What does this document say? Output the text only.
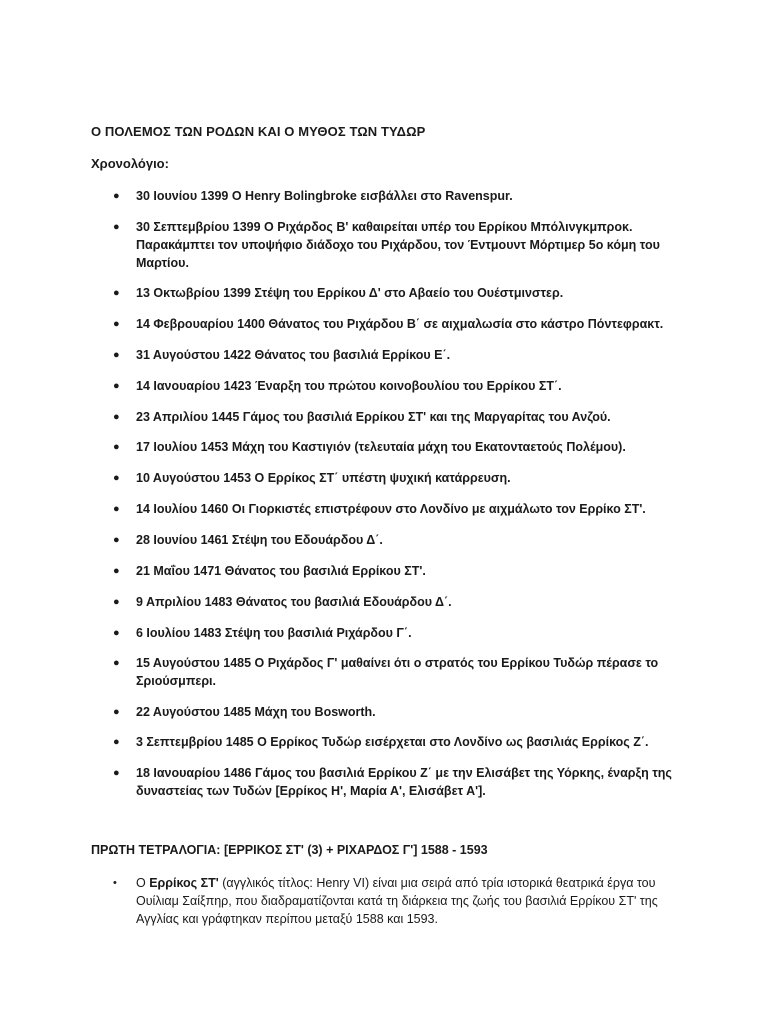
Ο ΠΟΛΕΜΟΣ ΤΩΝ ΡΟΔΩΝ ΚΑΙ Ο ΜΥΘΟΣ ΤΩΝ ΤΥΔΩΡ
Χρονολόγιο:
● 30 Ιουνίου 1399 Ο Henry Bolingbroke εισβάλλει στο Ravenspur.
● 30 Σεπτεμβρίου 1399 Ο Ριχάρδος Β' καθαιρείται υπέρ του Ερρίκου Μπόλινγκμπροκ.
Παρακάμπτει τον υποψήφιο διάδοχο του Ριχάρδου, τον Έντμουντ Μόρτιμερ 5ο κόμη του
Μαρτίου.
● 13 Οκτωβρίου 1399 Στέψη του Ερρίκου Δ' στο Αβαείο του Ουέστμινστερ.
● 14 Φεβρουαρίου 1400 Θάνατος του Ριχάρδου Β΄ σε αιχμαλωσία στο κάστρο Πόντεφρακτ.
● 31 Αυγούστου 1422 Θάνατος του βασιλιά Ερρίκου Ε΄.
● 14 Ιανουαρίου 1423 Έναρξη του πρώτου κοινοβουλίου του Ερρίκου ΣΤ΄.
● 23 Απριλίου 1445 Γάμος του βασιλιά Ερρίκου ΣΤ' και της Μαργαρίτας του Ανζού.
● 17 Ιουλίου 1453 Μάχη του Καστιγιόν (τελευταία μάχη του Εκατονταετούς Πολέμου).
● 10 Αυγούστου 1453 Ο Ερρίκος ΣΤ΄ υπέστη ψυχική κατάρρευση.
● 14 Ιουλίου 1460 Οι Γιορκιστές επιστρέφουν στο Λονδίνο με αιχμάλωτο τον Ερρίκο ΣΤ'.
● 28 Ιουνίου 1461 Στέψη του Εδουάρδου Δ΄.
● 21 Μαΐου 1471 Θάνατος του βασιλιά Ερρίκου ΣΤ'.
● 9 Απριλίου 1483 Θάνατος του βασιλιά Εδουάρδου Δ΄.
● 6 Ιουλίου 1483 Στέψη του βασιλιά Ριχάρδου Γ΄.
● 15 Αυγούστου 1485 Ο Ριχάρδος Γ' μαθαίνει ότι ο στρατός του Ερρίκου Τυδώρ πέρασε το
Σριούσμπερι.
● 22 Αυγούστου 1485 Μάχη του Bosworth.
● 3 Σεπτεμβρίου 1485 Ο Ερρίκος Τυδώρ εισέρχεται στο Λονδίνο ως βασιλιάς Ερρίκος Ζ΄.
● 18 Ιανουαρίου 1486 Γάμος του βασιλιά Ερρίκου Ζ΄ με την Ελισάβετ της Υόρκης, έναρξη της
δυναστείας των Τυδών [Ερρίκος Η', Μαρία Α', Ελισάβετ Α'].
ΠΡΩΤΗ ΤΕΤΡΑΛΟΓΙΑ: [ΕΡΡΙΚΟΣ ΣΤ' (3) + ΡΙΧΑΡΔΟΣ Γ'] 1588 - 1593
• Ο Ερρίκος ΣΤ' (αγγλικός τίτλος: Henry VI) είναι μια σειρά από τρία ιστορικά θεατρικά έργα του Ουίλιαμ Σαίξπηρ, που διαδραματίζονται κατά τη διάρκεια της ζωής του βασιλιά Ερρίκου ΣΤ' της Αγγλίας και γράφτηκαν περίπου μεταξύ 1588 και 1593.
